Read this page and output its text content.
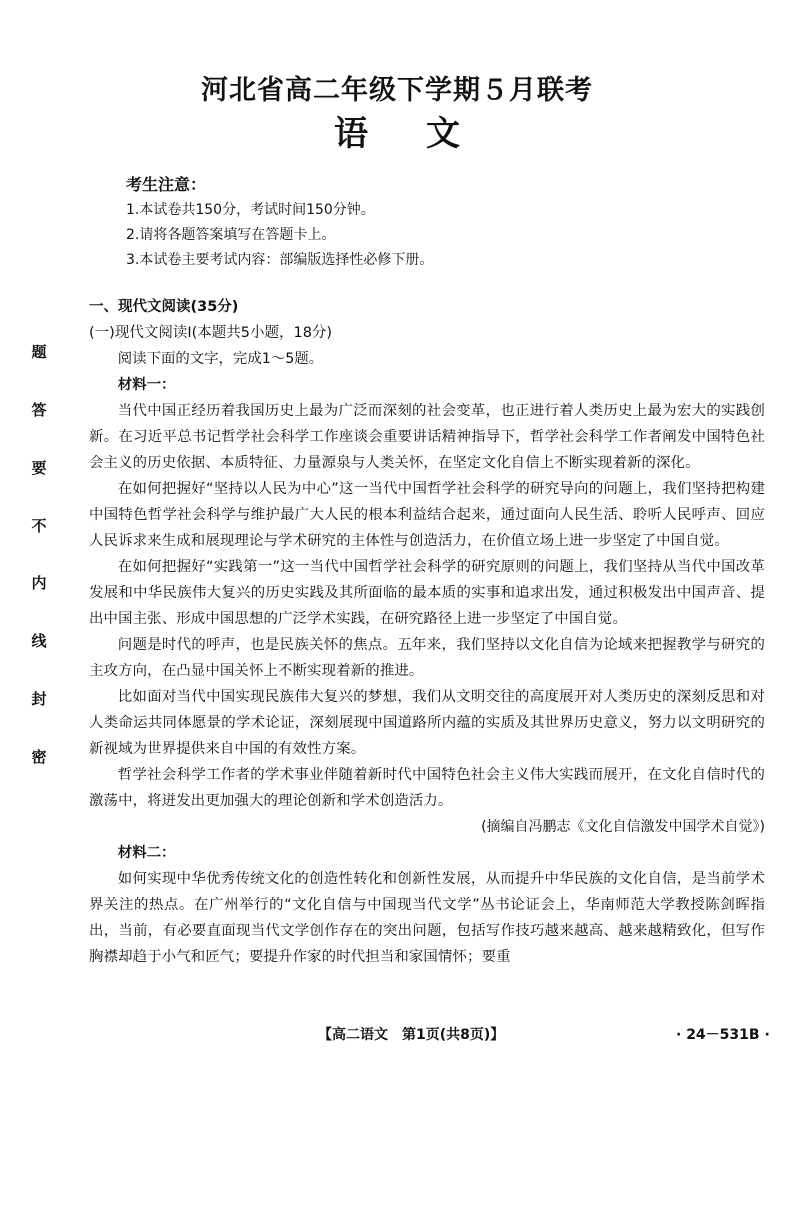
题
答
要
不
内
线
封
密
河北省高二年级下学期５月联考
语文
考生注意：
1.本试卷共150分，考试时间150分钟。
2.请将各题答案填写在答题卡上。
3.本试卷主要考试内容：部编版选择性必修下册。
一、现代文阅读(35分)
(一)现代文阅读Ⅰ(本题共5小题，18分)
阅读下面的文字，完成1～5题。
材料一：

当代中国正经历着我国历史上最为广泛而深刻的社会变革，也正进行着人类历史上最为宏大的实践创新。在习近平总书记哲学社会科学工作座谈会重要讲话精神指导下，哲学社会科学工作者阐发中国特色社会主义的历史依据、本质特征、力量源泉与人类关怀，在坚定文化自信上不断实现着新的深化。

在如何把握好“坚持以人民为中心”这一当代中国哲学社会科学的研究导向的问题上，我们坚持把构建中国特色哲学社会科学与维护最广大人民的根本利益结合起来，通过面向人民生活、聆听人民呼声、回应人民诉求来生成和展现理论与学术研究的主体性与创造活力，在价值立场上进一步坚定了中国自觉。

在如何把握好“实践第一”这一当代中国哲学社会科学的研究原则的问题上，我们坚持从当代中国改革发展和中华民族伟大复兴的历史实践及其所面临的最本质的实事和追求出发，通过积极发出中国声音、提出中国主张、形成中国思想的广泛学术实践，在研究路径上进一步坚定了中国自觉。

问题是时代的呼声，也是民族关怀的焦点。五年来，我们坚持以文化自信为论域来把握教学与研究的主攻方向，在凸显中国关怀上不断实现着新的推进。

比如面对当代中国实现民族伟大复兴的梦想，我们从文明交往的高度展开对人类历史的深刻反思和对人类命运共同体愿景的学术论证，深刻展现中国道路所内蕴的实质及其世界历史意义，努力以文明研究的新视域为世界提供来自中国的有效性方案。

哲学社会科学工作者的学术事业伴随着新时代中国特色社会主义伟大实践而展开，在文化自信时代的激荡中，将迸发出更加强大的理论创新和学术创造活力。

(摘编自冯鹏志《文化自信激发中国学术自觉》)
材料二：

如何实现中华优秀传统文化的创造性转化和创新性发展，从而提升中华民族的文化自信，是当前学术界关注的热点。在广州举行的“文化自信与中国现当代文学”丛书论证会上，华南师范大学教授陈剑晖指出，当前，有必要直面现当代文学创作存在的突出问题，包括写作技巧越来越高、越来越精致化，但写作胸襟却趋于小气和匠气；要提升作家的时代担当和家国情怀；要重

【高二语文　第1页(共8页)】	· 24－531B ·
